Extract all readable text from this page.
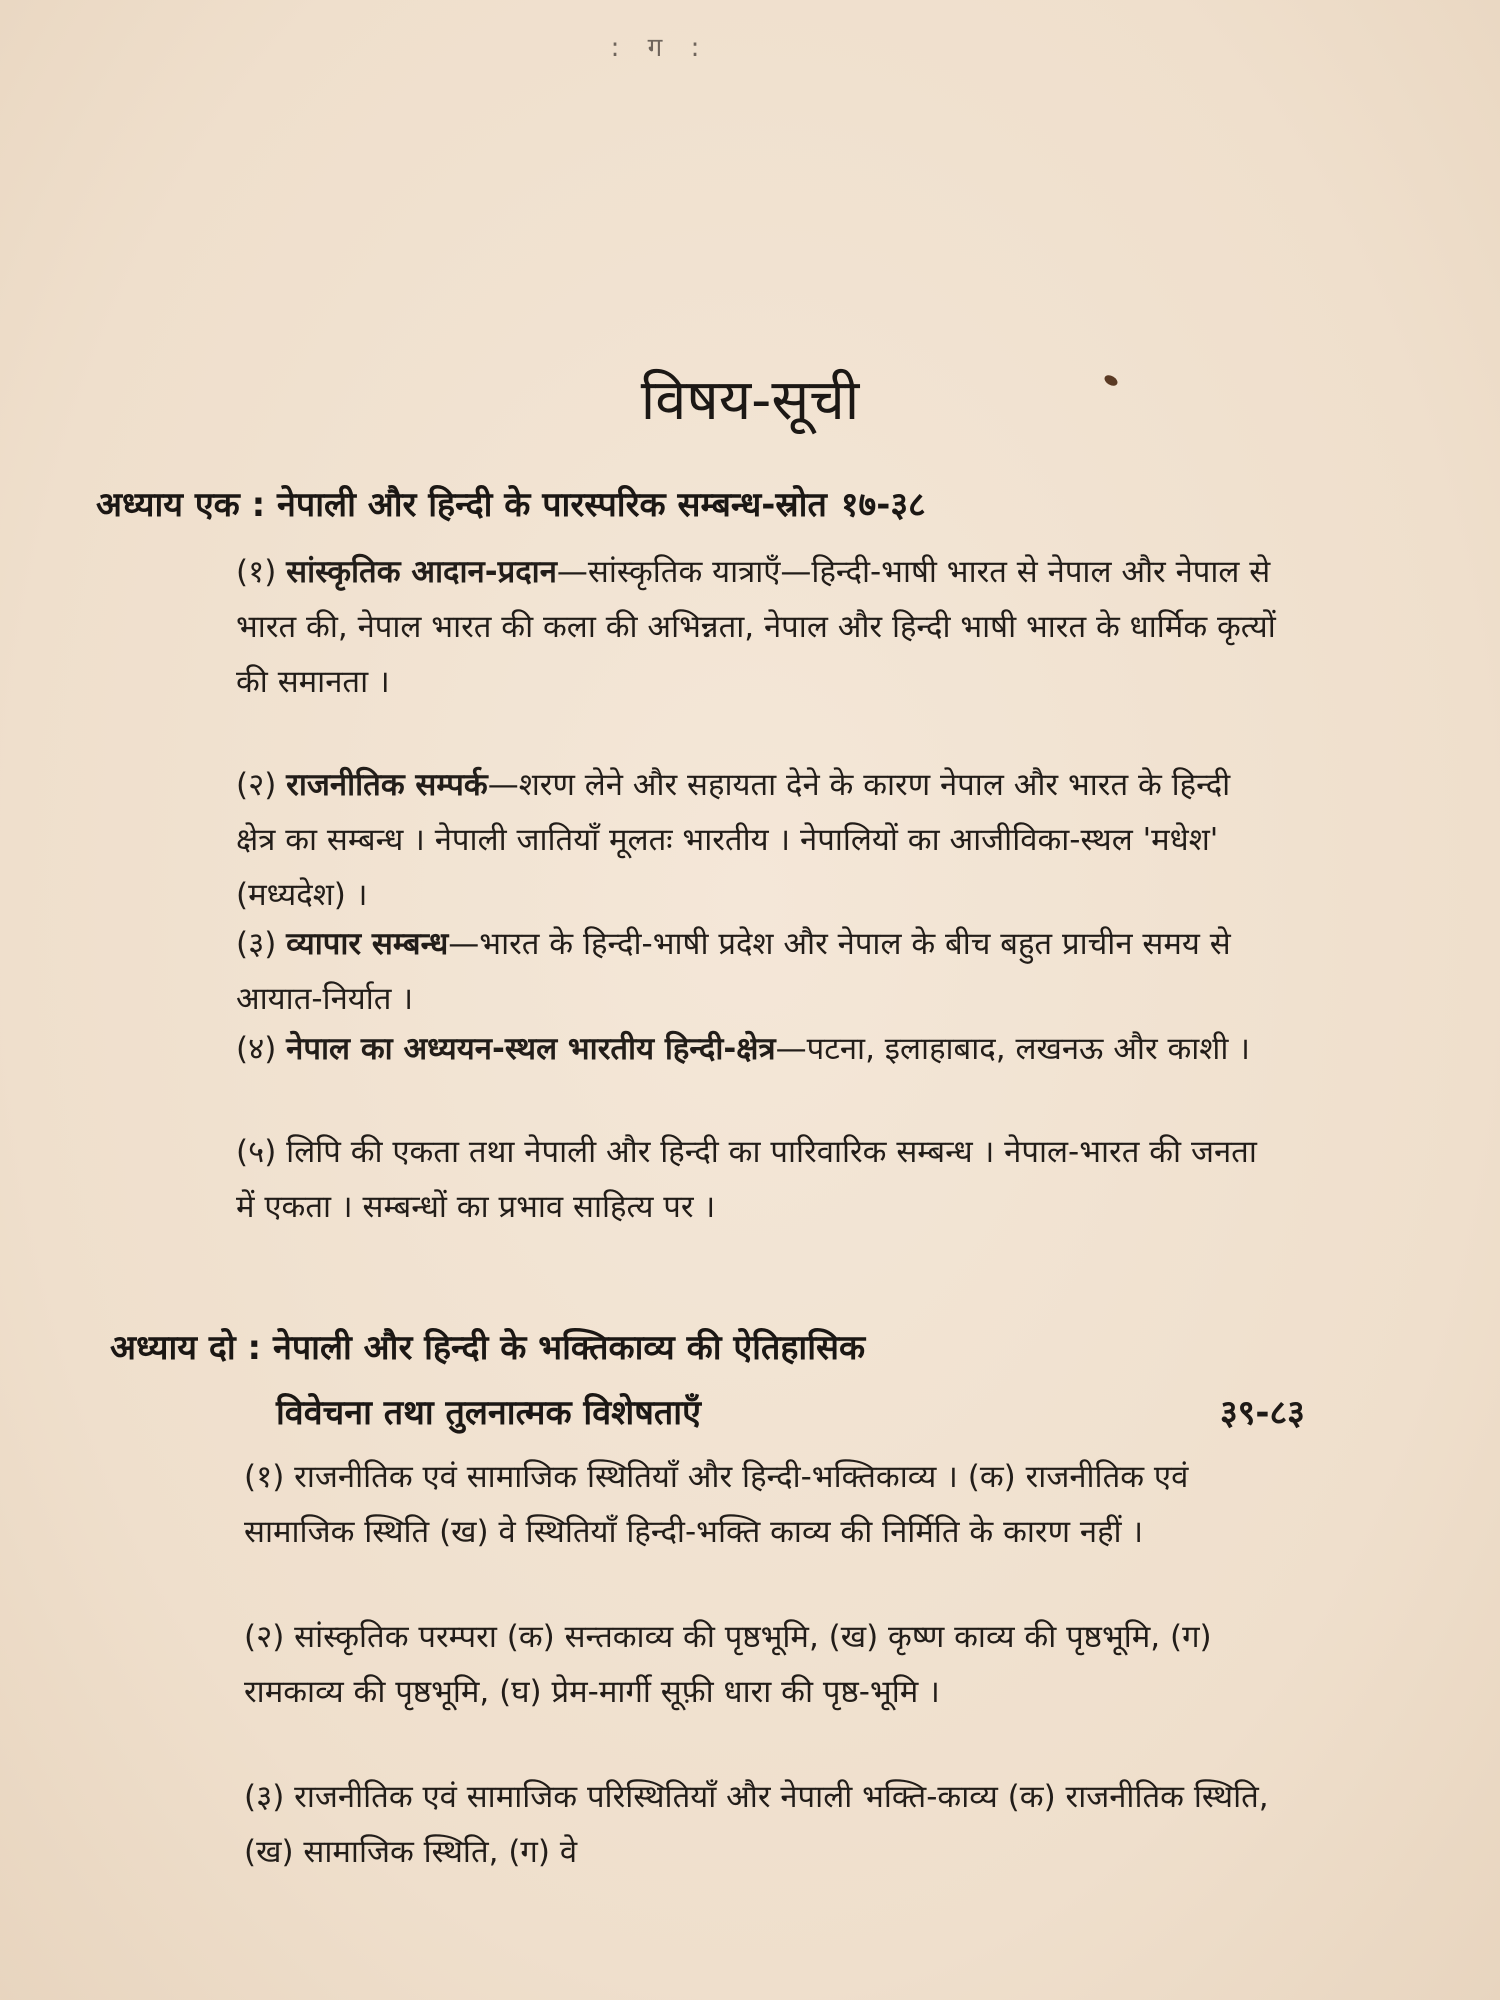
: ग :
विषय-सूची
अध्याय एक : नेपाली और हिन्दी के पारस्परिक सम्बन्ध-स्रोत १७-३८
(१) सांस्कृतिक आदान-प्रदान—सांस्कृतिक यात्राएँ—हिन्दी-भाषी भारत से नेपाल और नेपाल से भारत की, नेपाल भारत की कला की अभिन्नता, नेपाल और हिन्दी भाषी भारत के धार्मिक कृत्यों की समानता ।
(२) राजनीतिक सम्पर्क—शरण लेने और सहायता देने के कारण नेपाल और भारत के हिन्दी क्षेत्र का सम्बन्ध । नेपाली जातियाँ मूलतः भारतीय । नेपालियों का आजीविका-स्थल 'मधेश' (मध्यदेश) ।
(३) व्यापार सम्बन्ध—भारत के हिन्दी-भाषी प्रदेश और नेपाल के बीच बहुत प्राचीन समय से आयात-निर्यात ।
(४) नेपाल का अध्ययन-स्थल भारतीय हिन्दी-क्षेत्र—पटना, इलाहाबाद, लखनऊ और काशी ।
(५) लिपि की एकता तथा नेपाली और हिन्दी का पारिवारिक सम्बन्ध । नेपाल-भारत की जनता में एकता । सम्बन्धों का प्रभाव साहित्य पर ।
अध्याय दो : नेपाली और हिन्दी के भक्तिकाव्य की ऐतिहासिक
विवेचना तथा तुलनात्मक विशेषताएँ	३९-८३
(१) राजनीतिक एवं सामाजिक स्थितियाँ और हिन्दी-भक्तिकाव्य । (क) राजनीतिक एवं सामाजिक स्थिति (ख) वे स्थितियाँ हिन्दी-भक्ति काव्य की निर्मिति के कारण नहीं ।
(२) सांस्कृतिक परम्परा (क) सन्तकाव्य की पृष्ठभूमि, (ख) कृष्ण काव्य की पृष्ठभूमि, (ग) रामकाव्य की पृष्ठभूमि, (घ) प्रेम-मार्गी सूफ़ी धारा की पृष्ठ-भूमि ।
(३) राजनीतिक एवं सामाजिक परिस्थितियाँ और नेपाली भक्ति-काव्य (क) राजनीतिक स्थिति, (ख) सामाजिक स्थिति, (ग) वे
